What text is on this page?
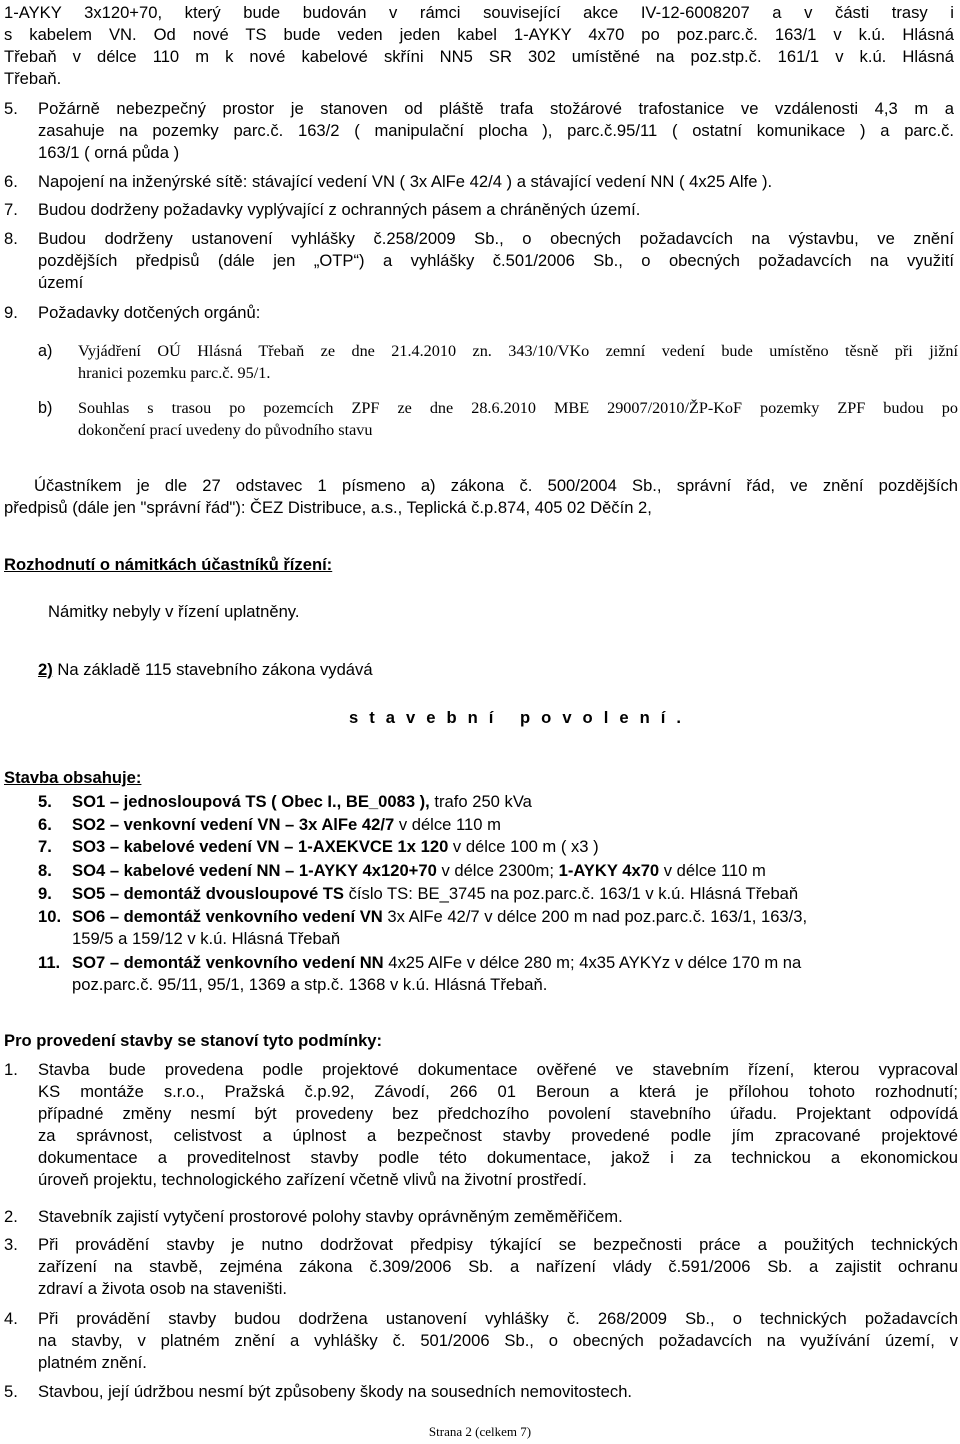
1-AYKY 3x120+70, který bude budován v rámci související akce IV-12-6008207 a v části trasy i
s kabelem VN. Od nové TS bude veden jeden kabel 1-AYKY 4x70 po poz.parc.č. 163/1 v k.ú. Hlásná
Třebaň v délce 110 m k nové kabelové skříni NN5 SR 302 umístěné na poz.stp.č. 161/1 v k.ú. Hlásná
Třebaň.
5. Požárně nebezpečný prostor je stanoven od pláště trafa stožárové trafostanice ve vzdálenosti 4,3 m a
zasahuje na pozemky parc.č. 163/2 ( manipulační plocha ), parc.č.95/11 ( ostatní komunikace ) a parc.č.
163/1 ( orná půda )
6. Napojení na inženýrské sítě: stávající vedení VN ( 3x AlFe 42/4 ) a stávající vedení NN ( 4x25 Alfe ).
7. Budou dodrženy požadavky vyplývající z ochranných pásem a chráněných území.
8. Budou dodrženy ustanovení vyhlášky č.258/2009 Sb., o obecných požadavcích na výstavbu, ve znění
pozdějších předpisů (dále jen „OTP“) a vyhlášky č.501/2006 Sb., o obecných požadavcích na využití
území
9. Požadavky dotčených orgánů:
a) Vyjádření OÚ Hlásná Třebaň ze dne 21.4.2010 zn. 343/10/VKo zemní vedení bude umístěno těsně při jižní
hranici pozemku parc.č. 95/1.
b) Souhlas s trasou po pozemcích ZPF ze dne 28.6.2010 MBE 29007/2010/ŽP-KoF pozemky ZPF budou po
dokončení prací uvedeny do původního stavu
Účastníkem je dle 27 odstavec 1 písmeno a) zákona č. 500/2004 Sb., správní řád, ve znění pozdějších
předpisů (dále jen "správní řád"): ČEZ Distribuce, a.s., Teplická č.p.874, 405 02 Děčín 2,
Rozhodnutí o námitkách účastníků řízení:
Námitky nebyly v řízení uplatněny.
2) Na základě 115 stavebního zákona vydává
s t a v e b n í   p o v o l e n í .
Stavba obsahuje:
5. SO1 – jednosloupová TS ( Obec I., BE_0083 ), trafo 250 kVa
6. SO2 – venkovní vedení VN – 3x AlFe 42/7 v délce 110 m
7. SO3 – kabelové vedení VN – 1-AXEKVCE 1x 120 v délce 100 m ( x3 )
8. SO4 – kabelové vedení NN – 1-AYKY 4x120+70 v délce 2300m; 1-AYKY 4x70 v délce 110 m
9. SO5 – demontáž dvousloupové TS číslo TS: BE_3745 na poz.parc.č. 163/1 v k.ú. Hlásná Třebaň
10. SO6 – demontáž venkovního vedení VN 3x AlFe 42/7 v délce 200 m nad poz.parc.č. 163/1, 163/3,
159/5 a 159/12 v k.ú. Hlásná Třebaň
11. SO7 – demontáž venkovního vedení NN 4x25 AlFe v délce 280 m; 4x35 AYKYz v délce 170 m na
poz.parc.č. 95/11, 95/1, 1369 a stp.č. 1368 v k.ú. Hlásná Třebaň.
Pro provedení stavby se stanoví tyto podmínky:
1. Stavba bude provedena podle projektové dokumentace ověřené ve stavebním řízení, kterou vypracoval
KS montáže s.r.o., Pražská č.p.92, Závodí, 266 01 Beroun a která je přílohou tohoto rozhodnutí;
případné změny nesmí být provedeny bez předchozího povolení stavebního úřadu. Projektant odpovídá
za správnost, celistvost a úplnost a bezpečnost stavby provedené podle jím zpracované projektové
dokumentace a proveditelnost stavby podle této dokumentace, jakož i za technickou a ekonomickou
úroveň projektu, technologického zařízení včetně vlivů na životní prostředí.
2. Stavebník zajistí vytyčení prostorové polohy stavby oprávněným zeměměřičem.
3. Při provádění stavby je nutno dodržovat předpisy týkající se bezpečnosti práce a použitých technických
zařízení na stavbě, zejména zákona č.309/2006 Sb. a nařízení vlády č.591/2006 Sb. a zajistit ochranu
zdraví a života osob na staveništi.
4. Při provádění stavby budou dodržena ustanovení vyhlášky č. 268/2009 Sb., o technických požadavcích
na stavby, v platném znění a vyhlášky č. 501/2006 Sb., o obecných požadavcích na využívání území, v
platném znění.
5. Stavbou, její údržbou nesmí být způsobeny škody na sousedních nemovitostech.
Strana 2 (celkem 7)
